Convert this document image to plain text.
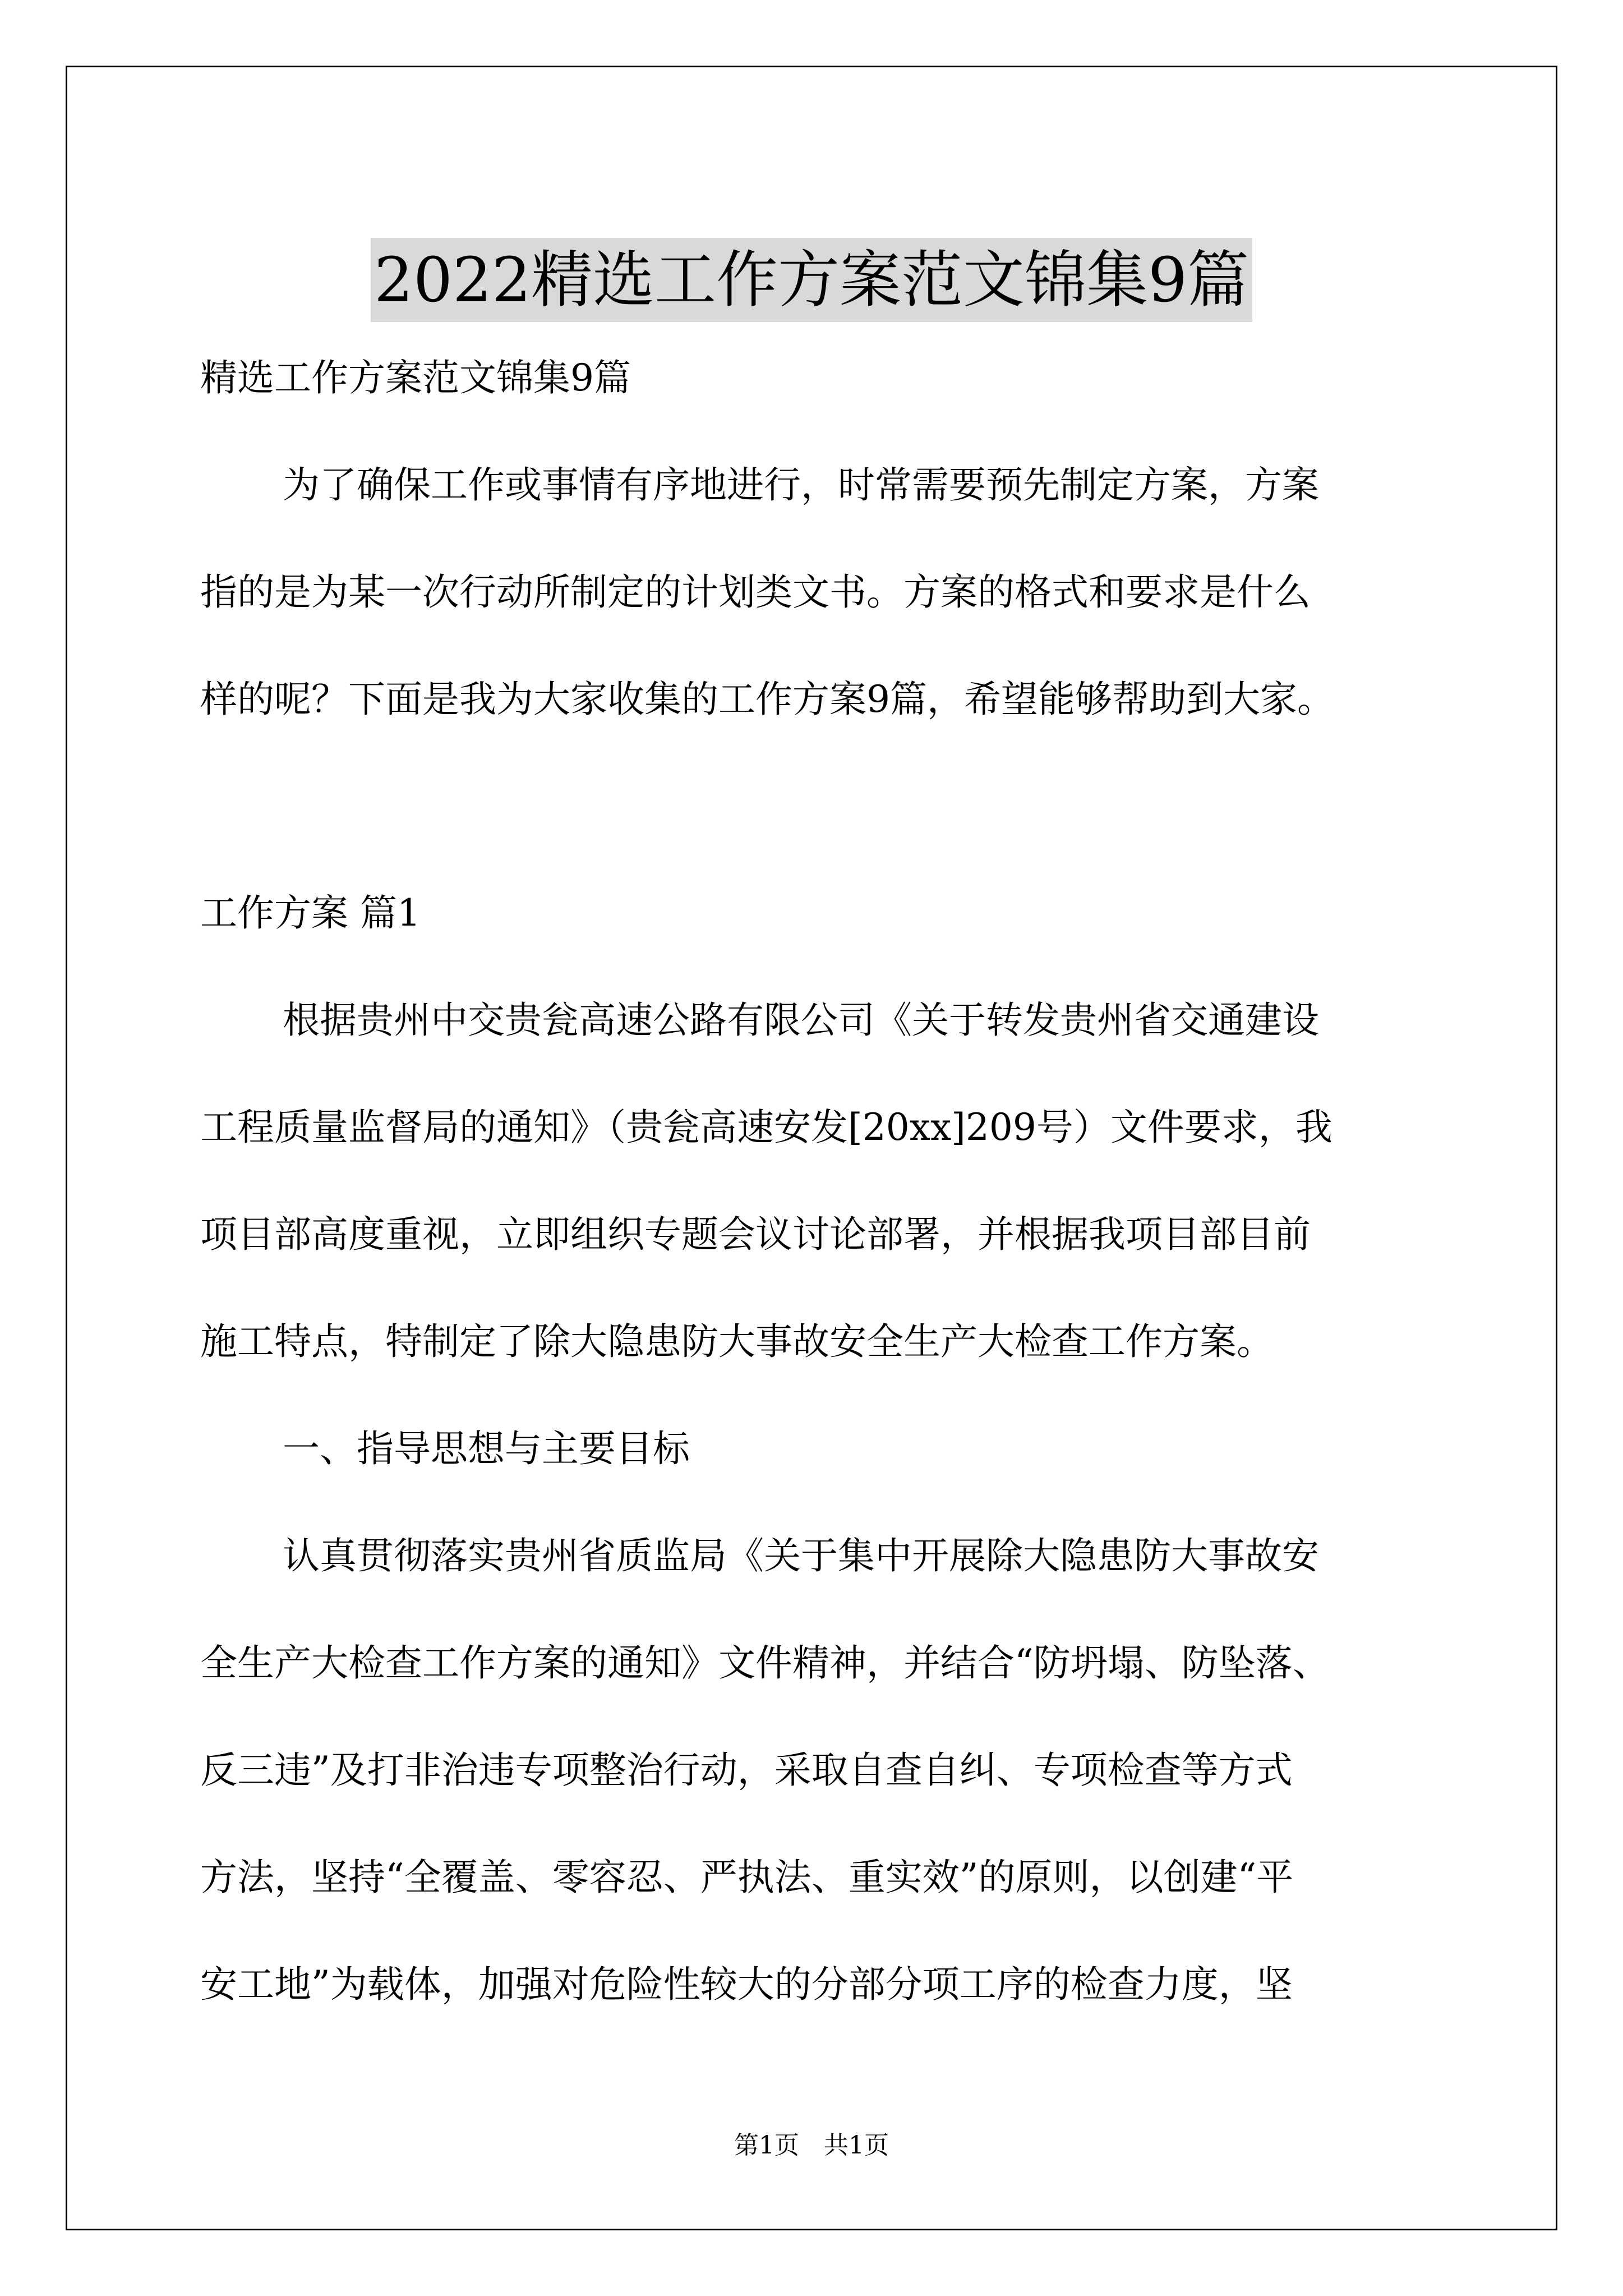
2022精选工作方案范文锦集9篇
精选工作方案范文锦集9篇
为了确保工作或事情有序地进行，时常需要预先制定方案，方案
指的是为某一次行动所制定的计划类文书。方案的格式和要求是什么
样的呢？下面是我为大家收集的工作方案9篇，希望能够帮助到大家。
工作方案 篇1
根据贵州中交贵瓮高速公路有限公司《关于转发贵州省交通建设
工程质量监督局的通知》（贵瓮高速安发[20xx]209号）文件要求，我
项目部高度重视，立即组织专题会议讨论部署，并根据我项目部目前
施工特点，特制定了除大隐患防大事故安全生产大检查工作方案。
一、指导思想与主要目标
认真贯彻落实贵州省质监局《关于集中开展除大隐患防大事故安
全生产大检查工作方案的通知》文件精神，并结合“防坍塌、防坠落、
反三违”及打非治违专项整治行动，采取自查自纠、专项检查等方式
方法，坚持“全覆盖、零容忍、严执法、重实效”的原则，以创建“平
安工地”为载体，加强对危险性较大的分部分项工序的检查力度，坚
第1页　共1页
